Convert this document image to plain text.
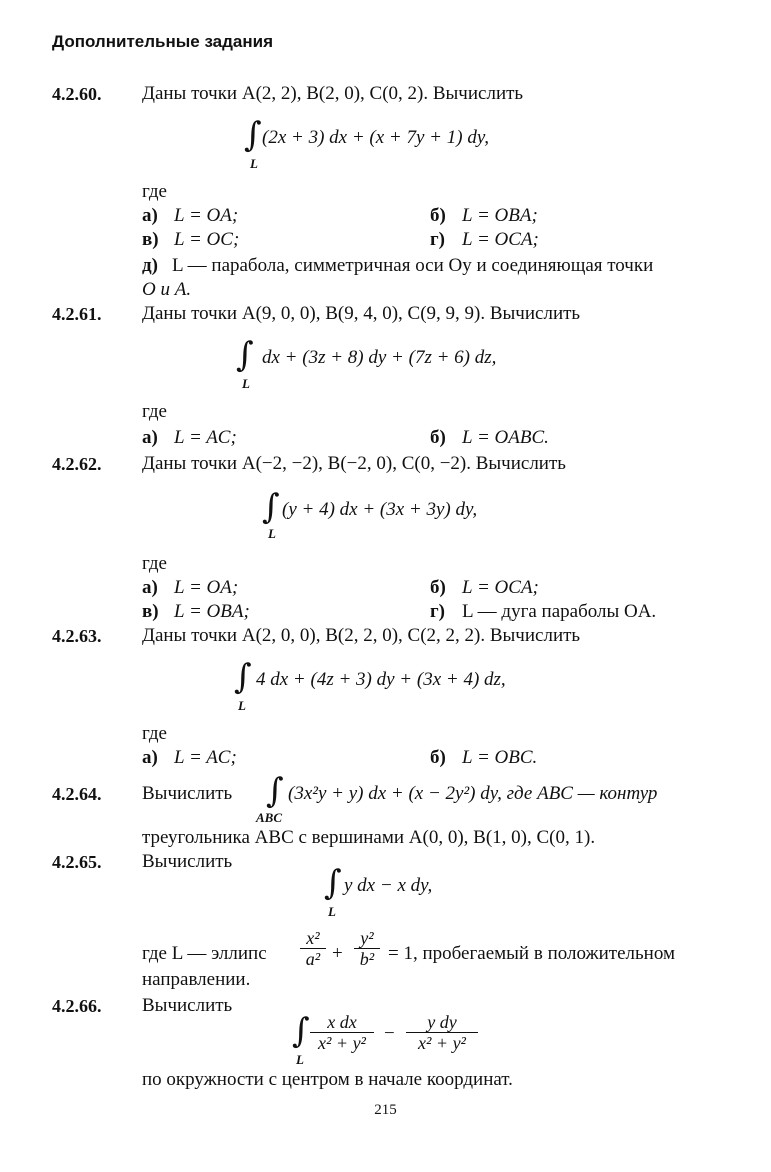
Дополнительные задания
4.2.60. Даны точки A(2, 2), B(2, 0), C(0, 2). Вычислить
∫ (2x + 3) dx + (x + 7y + 1) dy,
L
где
а) L = OA;	б) L = OBA;
в) L = OC;	г) L = OCA;
д) L — парабола, симметричная оси Oy и соединяющая точки
O и A.
4.2.61. Даны точки A(9, 0, 0), B(9, 4, 0), C(9, 9, 9). Вычислить
∫ dx + (3z + 8) dy + (7z + 6) dz,
L
где
а) L = AC;	б) L = OABC.
4.2.62. Даны точки A(−2, −2), B(−2, 0), C(0, −2). Вычислить
∫ (y + 4) dx + (3x + 3y) dy,
L
где
а) L = OA;	б) L = OCA;
в) L = OBA;	г) L — дуга параболы OA.
4.2.63. Даны точки A(2, 0, 0), B(2, 2, 0), C(2, 2, 2). Вычислить
∫ 4 dx + (4z + 3) dy + (3x + 4) dz,
L
где
а) L = AC;	б) L = OBC.
4.2.64. Вычислить ∫ (3x²y + y) dx + (x − 2y²) dy, где ABC — контур
ABC
треугольника ABC с вершинами A(0, 0), B(1, 0), C(0, 1).
4.2.65. Вычислить
∫ y dx − x dy,
L
где L — эллипс $\frac{\text{x²}}{\text{a²}} + \frac{\text{y²}}{\text{b²}} = 1$, пробегаемый в положительном
направлении.
4.2.66. Вычислить
∫
L
$\frac{\text{x dx}}{\text{x² + y²}} - \frac{\text{y dy}}{\text{x² + y²}}$
по окружности с центром в начале координат.
215
